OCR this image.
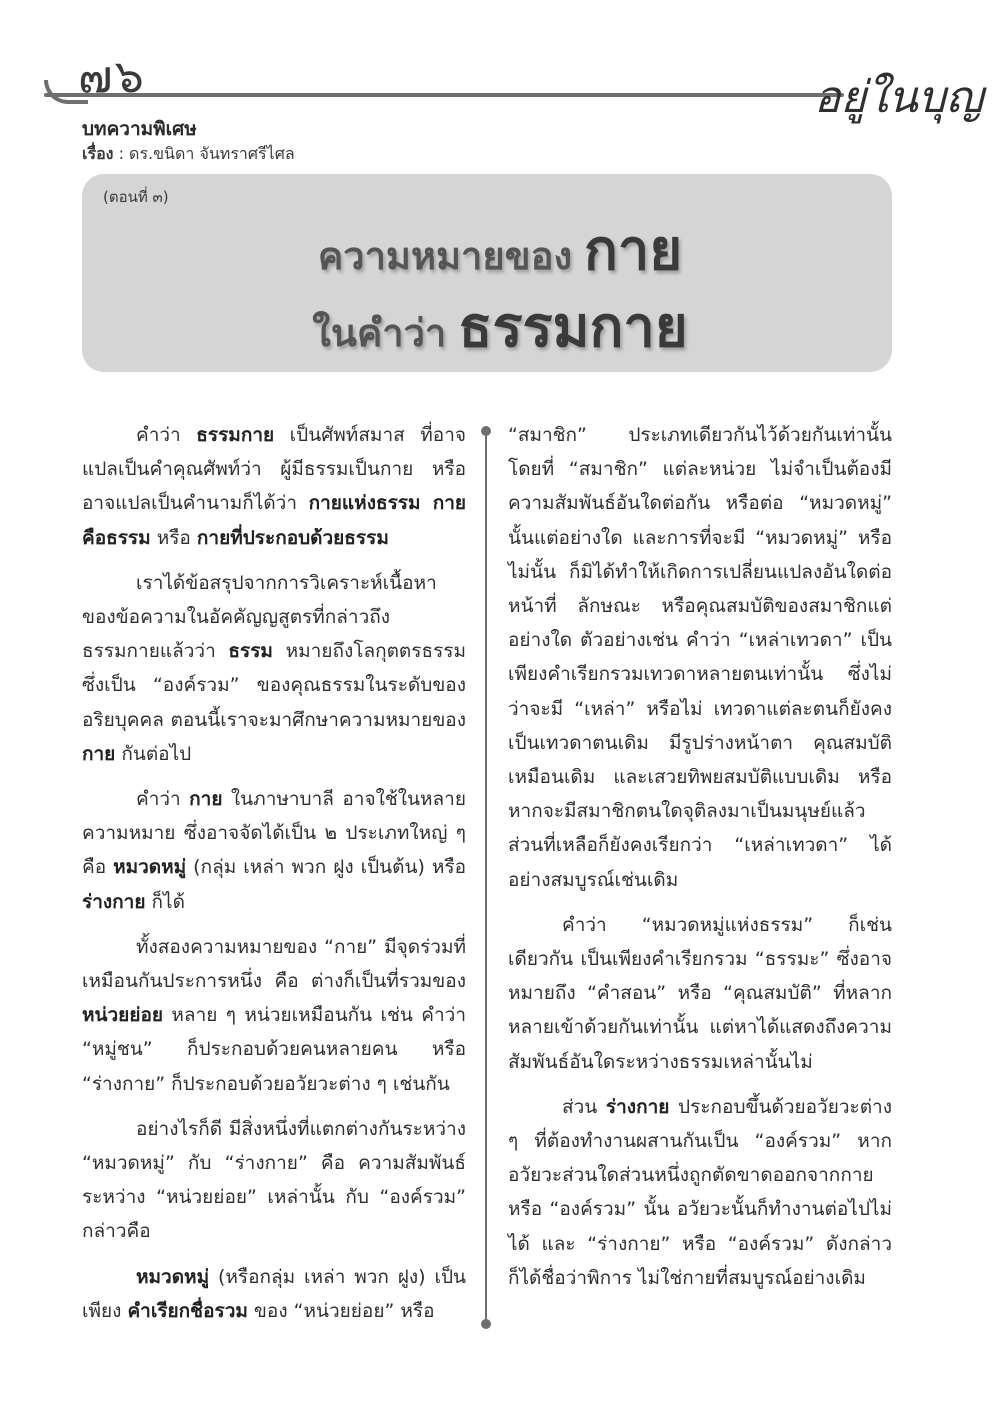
๗๖	อยู่ในบุญ
บทความพิเศษ
เรื่อง : ดร.ขนิดา จันทราศรีไศล
(ตอนที่ ๓)
ความหมายของ กาย
ในคำว่า ธรรมกาย

คำว่า ธรรมกาย เป็นศัพท์สมาส ที่อาจแปลเป็นคำคุณศัพท์ว่า ผู้มีธรรมเป็นกาย หรืออาจแปลเป็นคำนามก็ได้ว่า กายแห่งธรรม กายคือธรรม หรือ กายที่ประกอบด้วยธรรม

เราได้ข้อสรุปจากการวิเคราะห์เนื้อหาของข้อความในอัคคัญญสูตรที่กล่าวถึงธรรมกายแล้วว่า ธรรม หมายถึงโลกุตตรธรรม ซึ่งเป็น “องค์รวม” ของคุณธรรมในระดับของอริยบุคคล ตอนนี้เราจะมาศึกษาความหมายของ กาย กันต่อไป

คำว่า กาย ในภาษาบาลี อาจใช้ในหลายความหมาย ซึ่งอาจจัดได้เป็น ๒ ประเภทใหญ่ ๆ คือ หมวดหมู่ (กลุ่ม เหล่า พวก ฝูง เป็นต้น) หรือ ร่างกาย ก็ได้

ทั้งสองความหมายของ “กาย” มีจุดร่วมที่เหมือนกันประการหนึ่ง คือ ต่างก็เป็นที่รวมของ หน่วยย่อย หลาย ๆ หน่วยเหมือนกัน เช่น คำว่า “หมู่ชน” ก็ประกอบด้วยคนหลายคน หรือ “ร่างกาย” ก็ประกอบด้วยอวัยวะต่าง ๆ เช่นกัน

อย่างไรก็ดี มีสิ่งหนึ่งที่แตกต่างกันระหว่าง “หมวดหมู่” กับ “ร่างกาย” คือ ความสัมพันธ์ระหว่าง “หน่วยย่อย” เหล่านั้น กับ “องค์รวม” กล่าวคือ

หมวดหมู่ (หรือกลุ่ม เหล่า พวก ฝูง) เป็นเพียง คำเรียกชื่อรวม ของ “หน่วยย่อย” หรือ

“สมาชิก” ประเภทเดียวกันไว้ด้วยกันเท่านั้น โดยที่ “สมาชิก” แต่ละหน่วย ไม่จำเป็นต้องมีความสัมพันธ์อันใดต่อกัน หรือต่อ “หมวดหมู่” นั้นแต่อย่างใด และการที่จะมี “หมวดหมู่” หรือไม่นั้น ก็มิได้ทำให้เกิดการเปลี่ยนแปลงอันใดต่อหน้าที่ ลักษณะ หรือคุณสมบัติของสมาชิกแต่อย่างใด ตัวอย่างเช่น คำว่า “เหล่าเทวดา” เป็นเพียงคำเรียกรวมเทวดาหลายตนเท่านั้น ซึ่งไม่ว่าจะมี “เหล่า” หรือไม่ เทวดาแต่ละตนก็ยังคงเป็นเทวดาตนเดิม มีรูปร่างหน้าตา คุณสมบัติเหมือนเดิม และเสวยทิพยสมบัติแบบเดิม หรือหากจะมีสมาชิกตนใดจุติลงมาเป็นมนุษย์แล้ว ส่วนที่เหลือก็ยังคงเรียกว่า “เหล่าเทวดา” ได้อย่างสมบูรณ์เช่นเดิม

คำว่า “หมวดหมู่แห่งธรรม” ก็เช่นเดียวกัน เป็นเพียงคำเรียกรวม “ธรรมะ” ซึ่งอาจหมายถึง “คำสอน” หรือ “คุณสมบัติ” ที่หลากหลายเข้าด้วยกันเท่านั้น แต่หาได้แสดงถึงความสัมพันธ์อันใดระหว่างธรรมเหล่านั้นไม่

ส่วน ร่างกาย ประกอบขึ้นด้วยอวัยวะต่าง ๆ ที่ต้องทำงานผสานกันเป็น “องค์รวม” หากอวัยวะส่วนใดส่วนหนึ่งถูกตัดขาดออกจากกาย หรือ “องค์รวม” นั้น อวัยวะนั้นก็ทำงานต่อไปไม่ได้ และ “ร่างกาย” หรือ “องค์รวม” ดังกล่าวก็ได้ชื่อว่าพิการ ไม่ใช่กายที่สมบูรณ์อย่างเดิม
